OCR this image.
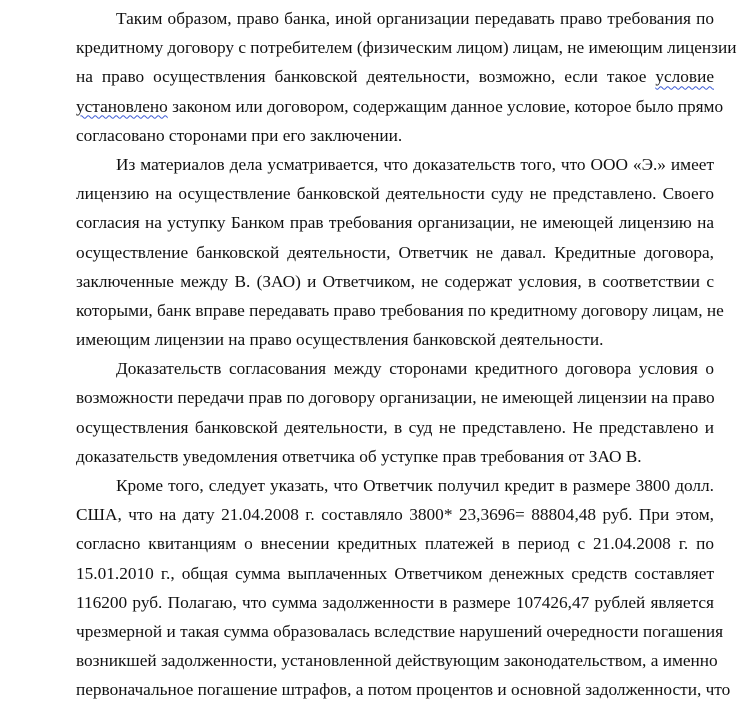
Таким образом, право банка, иной организации передавать право требования по
кредитному договору с потребителем (физическим лицом) лицам, не имеющим лицензии
на право осуществления банковской деятельности, возможно, если такое условие
установлено законом или договором, содержащим данное условие, которое было прямо
согласовано сторонами при его заключении.
Из материалов дела усматривается, что доказательств того, что ООО «Э.» имеет
лицензию на осуществление банковской деятельности суду не представлено. Своего
согласия на уступку Банком прав требования организации, не имеющей лицензию на
осуществление банковской деятельности, Ответчик не давал. Кредитные договора,
заключенные между В. (ЗАО) и Ответчиком, не содержат условия, в соответствии с
которыми, банк вправе передавать право требования по кредитному договору лицам, не
имеющим лицензии на право осуществления банковской деятельности.
Доказательств согласования между сторонами кредитного договора условия о
возможности передачи прав по договору организации, не имеющей лицензии на право
осуществления банковской деятельности, в суд не представлено. Не представлено и
доказательств уведомления ответчика об уступке прав требования от ЗАО В.
Кроме того, следует указать, что Ответчик получил кредит в размере 3800 долл.
США, что на дату 21.04.2008 г. составляло 3800* 23,3696= 88804,48 руб. При этом,
согласно квитанциям о внесении кредитных платежей в период с 21.04.2008 г. по
15.01.2010 г., общая сумма выплаченных Ответчиком денежных средств составляет
116200 руб. Полагаю, что сумма задолженности в размере 107426,47 рублей является
чрезмерной и такая сумма образовалась вследствие нарушений очередности погашения
возникшей задолженности, установленной действующим законодательством, а именно
первоначальное погашение штрафов, а потом процентов и основной задолженности, что
